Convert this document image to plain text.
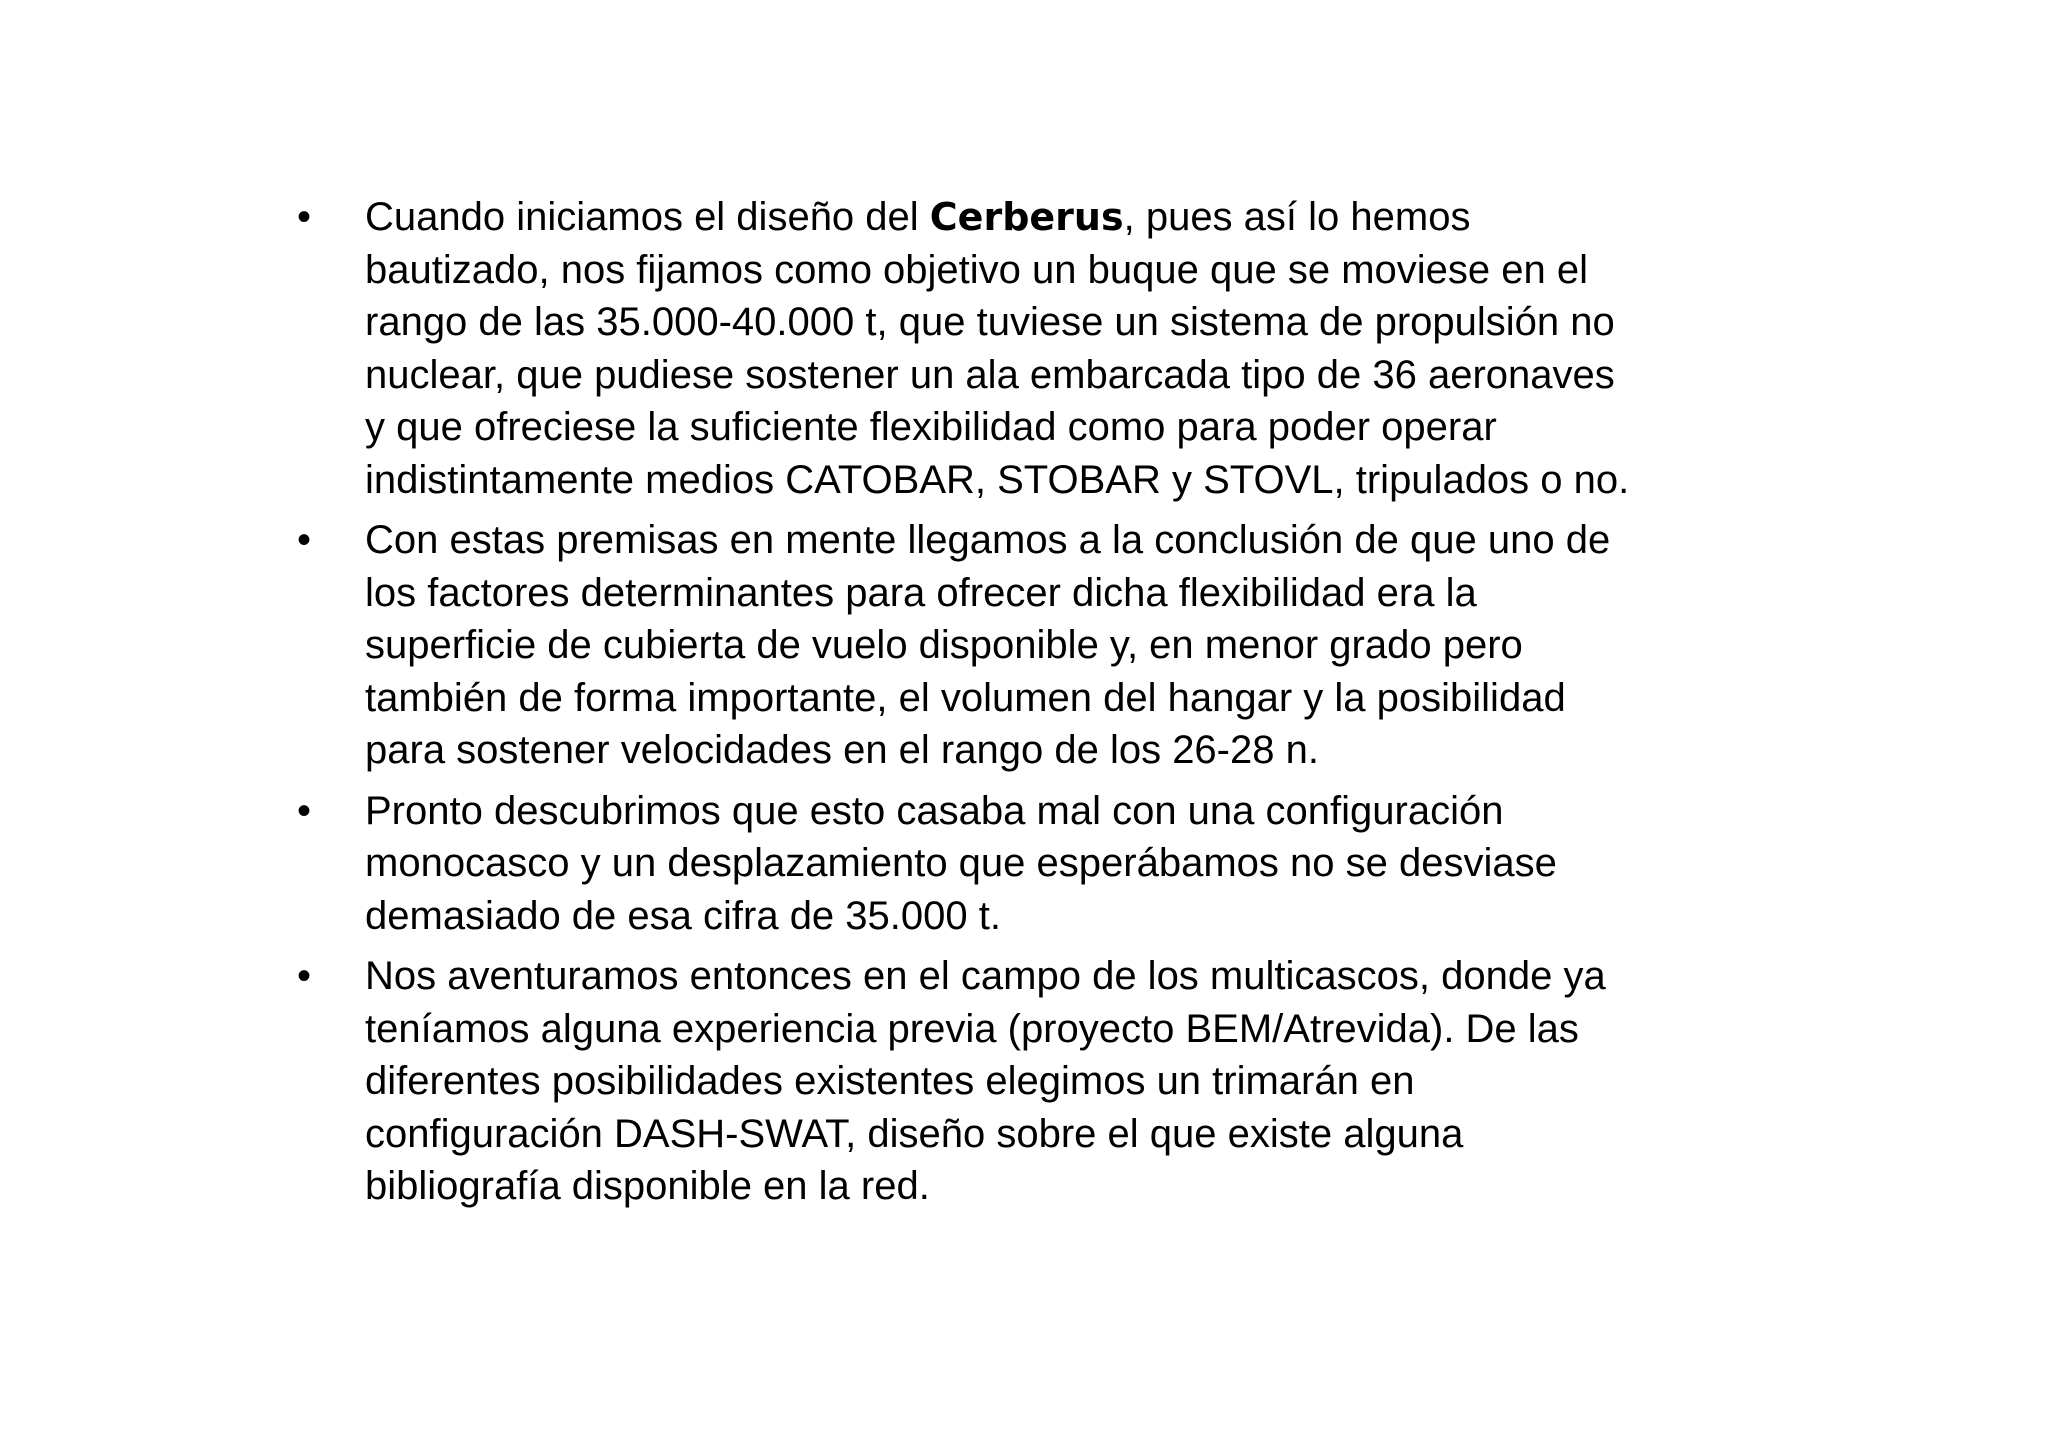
•	Cuando iniciamos el diseño del Cerberus, pues así lo hemos
bautizado, nos fijamos como objetivo un buque que se moviese en el
rango de las 35.000-40.000 t, que tuviese un sistema de propulsión no
nuclear, que pudiese sostener un ala embarcada tipo de 36 aeronaves
y que ofreciese la suficiente flexibilidad como para poder operar
indistintamente medios CATOBAR, STOBAR y STOVL, tripulados o no.
•	Con estas premisas en mente llegamos a la conclusión de que uno de
los factores determinantes para ofrecer dicha flexibilidad era la
superficie de cubierta de vuelo disponible y, en menor grado pero
también de forma importante, el volumen del hangar y la posibilidad
para sostener velocidades en el rango de los 26-28 n.
•	Pronto descubrimos que esto casaba mal con una configuración
monocasco y un desplazamiento que esperábamos no se desviase
demasiado de esa cifra de 35.000 t.
•	Nos aventuramos entonces en el campo de los multicascos, donde ya
teníamos alguna experiencia previa (proyecto BEM/Atrevida). De las
diferentes posibilidades existentes elegimos un trimarán en
configuración DASH-SWAT, diseño sobre el que existe alguna
bibliografía disponible en la red.
